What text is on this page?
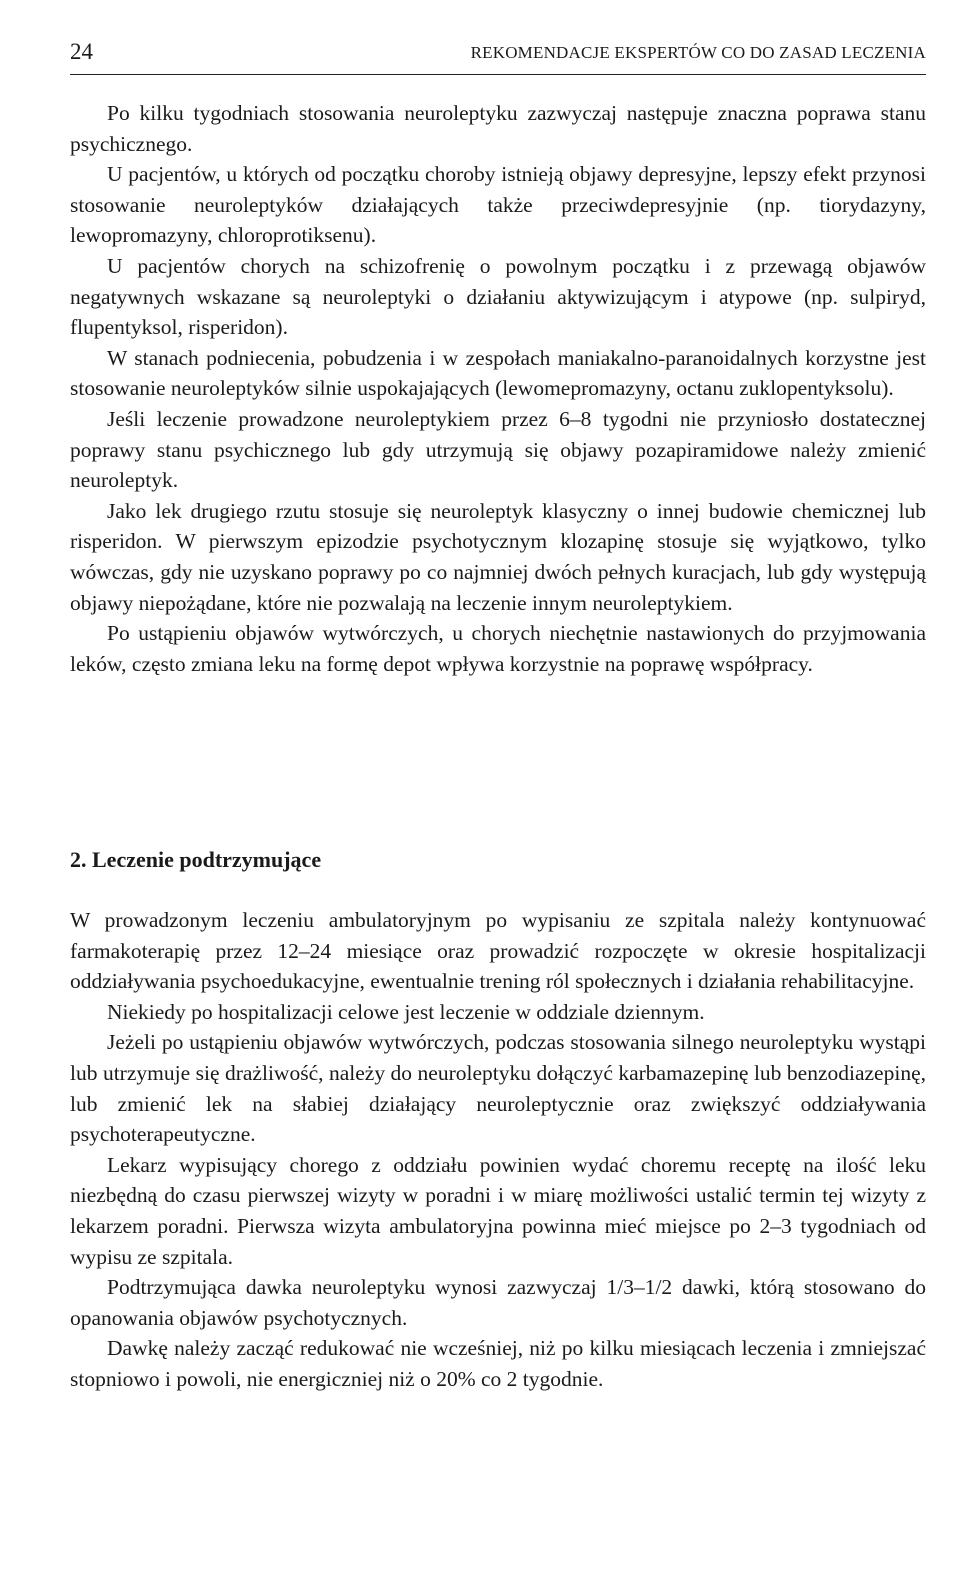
24	REKOMENDACJE EKSPERTÓW CO DO ZASAD LECZENIA

Po kilku tygodniach stosowania neuroleptyku zazwyczaj następuje znaczna poprawa stanu psychicznego.

U pacjentów, u których od początku choroby istnieją objawy depresyjne, lepszy efekt przynosi stosowanie neuroleptyków działających także przeciwdepresyjnie (np. tiorydazyny, lewopromazyny, chloroprotiksenu).

U pacjentów chorych na schizofrenię o powolnym początku i z przewagą objawów negatywnych wskazane są neuroleptyki o działaniu aktywizującym i atypowe (np. sulpiryd, flupentyksol, risperidon).

W stanach podniecenia, pobudzenia i w zespołach maniakalno-paranoidalnych korzystne jest stosowanie neuroleptyków silnie uspokajających (lewomepromazyny, octanu zuklopentyksolu).

Jeśli leczenie prowadzone neuroleptykiem przez 6–8 tygodni nie przyniosło dostatecznej poprawy stanu psychicznego lub gdy utrzymują się objawy pozapiramidowe należy zmienić neuroleptyk.

Jako lek drugiego rzutu stosuje się neuroleptyk klasyczny o innej budowie chemicznej lub risperidon. W pierwszym epizodzie psychotycznym klozapinę stosuje się wyjątkowo, tylko wówczas, gdy nie uzyskano poprawy po co najmniej dwóch pełnych kuracjach, lub gdy występują objawy niepożądane, które nie pozwalają na leczenie innym neuroleptykiem.

Po ustąpieniu objawów wytwórczych, u chorych niechętnie nastawionych do przyjmowania leków, często zmiana leku na formę depot wpływa korzystnie na poprawę współpracy.

2. Leczenie podtrzymujące

W prowadzonym leczeniu ambulatoryjnym po wypisaniu ze szpitala należy kontynuować farmakoterapię przez 12–24 miesiące oraz prowadzić rozpoczęte w okresie hospitalizacji oddziaływania psychoedukacyjne, ewentualnie trening ról społecznych i działania rehabilitacyjne.

Niekiedy po hospitalizacji celowe jest leczenie w oddziale dziennym.

Jeżeli po ustąpieniu objawów wytwórczych, podczas stosowania silnego neuroleptyku wystąpi lub utrzymuje się drażliwość, należy do neuroleptyku dołączyć karbamazepinę lub benzodiazepinę, lub zmienić lek na słabiej działający neuroleptycznie oraz zwiększyć oddziaływania psychoterapeutyczne.

Lekarz wypisujący chorego z oddziału powinien wydać choremu receptę na ilość leku niezbędną do czasu pierwszej wizyty w poradni i w miarę możliwości ustalić termin tej wizyty z lekarzem poradni. Pierwsza wizyta ambulatoryjna powinna mieć miejsce po 2–3 tygodniach od wypisu ze szpitala.

Podtrzymująca dawka neuroleptyku wynosi zazwyczaj 1/3–1/2 dawki, którą stosowano do opanowania objawów psychotycznych.

Dawkę należy zacząć redukować nie wcześniej, niż po kilku miesiącach leczenia i zmniejszać stopniowo i powoli, nie energiczniej niż o 20% co 2 tygodnie.
